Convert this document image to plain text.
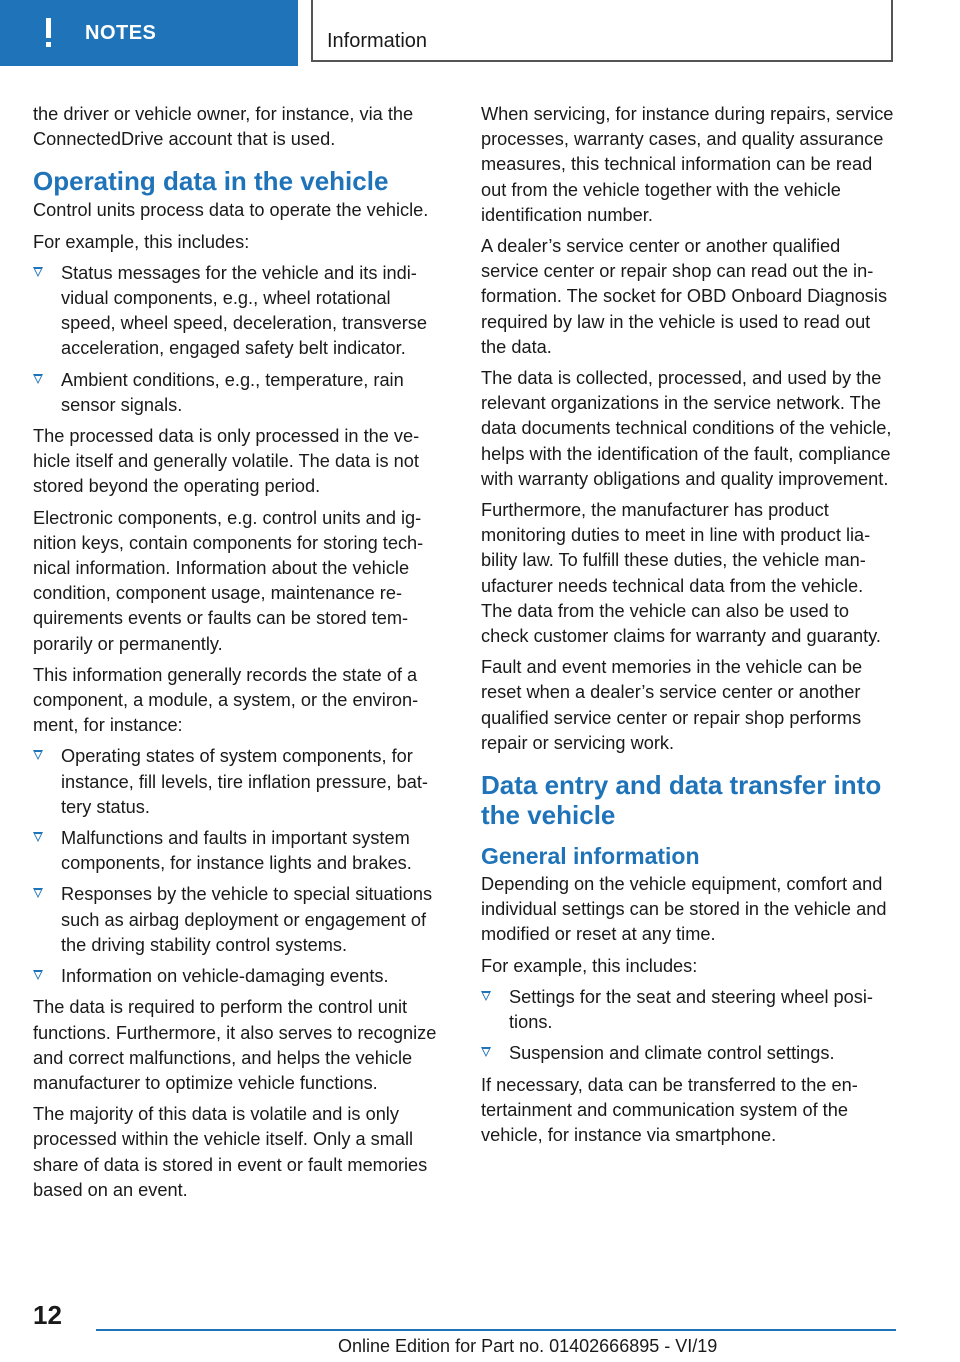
NOTES	Information

the driver or vehicle owner, for instance, via the ConnectedDrive account that is used.

Operating data in the vehicle

Control units process data to operate the vehicle.

For example, this includes:

Status messages for the vehicle and its individual components, e.g., wheel rotational speed, wheel speed, deceleration, transverse acceleration, engaged safety belt indicator.
Ambient conditions, e.g., temperature, rain sensor signals.

The processed data is only processed in the vehicle itself and generally volatile. The data is not stored beyond the operating period.

Electronic components, e.g. control units and ignition keys, contain components for storing technical information. Information about the vehicle condition, component usage, maintenance requirements events or faults can be stored temporarily or permanently.

This information generally records the state of a component, a module, a system, or the environment, for instance:

Operating states of system components, for instance, fill levels, tire inflation pressure, battery status.
Malfunctions and faults in important system components, for instance lights and brakes.
Responses by the vehicle to special situations such as airbag deployment or engagement of the driving stability control systems.
Information on vehicle-damaging events.

The data is required to perform the control unit functions. Furthermore, it also serves to recognize and correct malfunctions, and helps the vehicle manufacturer to optimize vehicle functions.

The majority of this data is volatile and is only processed within the vehicle itself. Only a small share of data is stored in event or fault memories based on an event.

When servicing, for instance during repairs, service processes, warranty cases, and quality assurance measures, this technical information can be read out from the vehicle together with the vehicle identification number.

A dealer’s service center or another qualified service center or repair shop can read out the information. The socket for OBD Onboard Diagnosis required by law in the vehicle is used to read out the data.

The data is collected, processed, and used by the relevant organizations in the service network. The data documents technical conditions of the vehicle, helps with the identification of the fault, compliance with warranty obligations and quality improvement.

Furthermore, the manufacturer has product monitoring duties to meet in line with product liability law. To fulfill these duties, the vehicle manufacturer needs technical data from the vehicle. The data from the vehicle can also be used to check customer claims for warranty and guaranty.

Fault and event memories in the vehicle can be reset when a dealer’s service center or another qualified service center or repair shop performs repair or servicing work.

Data entry and data transfer into the vehicle
General information

Depending on the vehicle equipment, comfort and individual settings can be stored in the vehicle and modified or reset at any time.

For example, this includes:

Settings for the seat and steering wheel positions.
Suspension and climate control settings.

If necessary, data can be transferred to the entertainment and communication system of the vehicle, for instance via smartphone.

12
Online Edition for Part no. 01402666895 - VI/19
